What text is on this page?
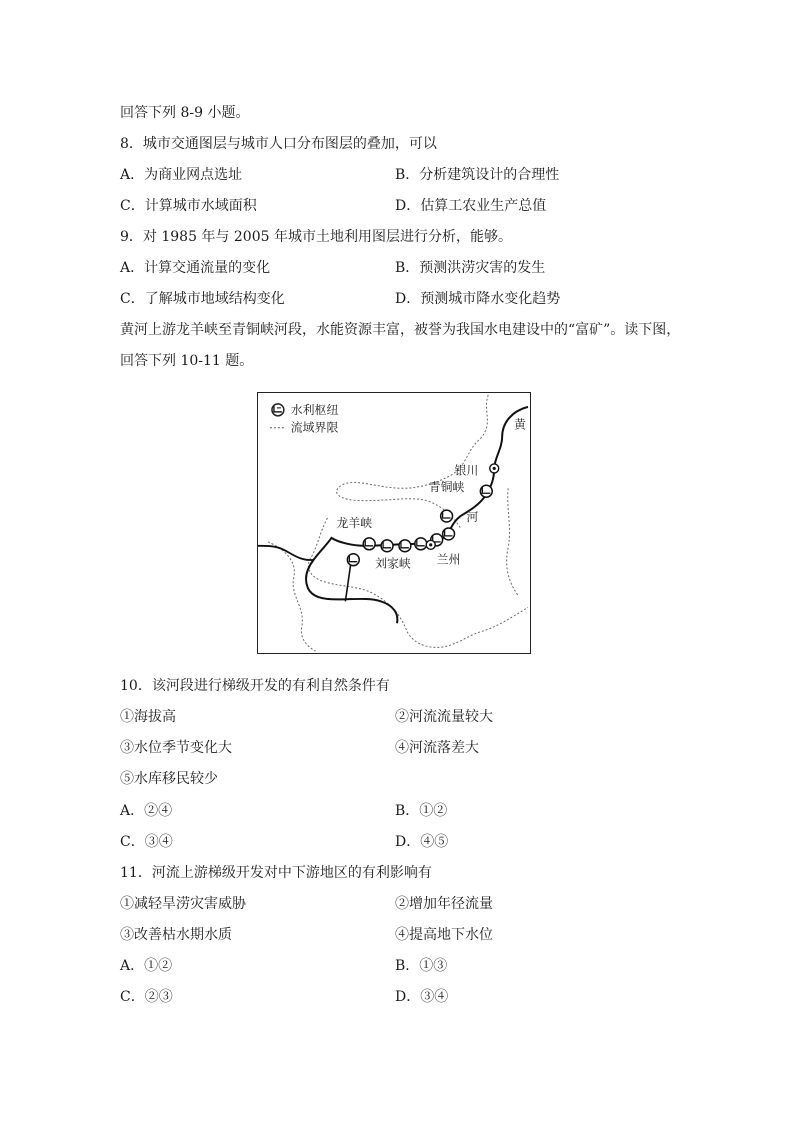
回答下列 8-9 小题。
8．城市交通图层与城市人口分布图层的叠加，可以
A．为商业网点选址	B．分析建筑设计的合理性
C．计算城市水域面积	D．估算工农业生产总值
9．对 1985 年与 2005 年城市土地利用图层进行分析，能够。
A．计算交通流量的变化	B．预测洪涝灾害的发生
C．了解城市地域结构变化	D．预测城市降水变化趋势
黄河上游龙羊峡至青铜峡河段，水能资源丰富，被誉为我国水电建设中的“富矿”。读下图，
回答下列 10-11 题。
水利枢纽
流域界限	黄
银川
青铜峡
河
龙羊峡
刘家峡 兰州
10．该河段进行梯级开发的有利自然条件有
①海拔高	②河流流量较大
③水位季节变化大	④河流落差大
⑤水库移民较少
A．②④	B．①②
C．③④	D．④⑤
11．河流上游梯级开发对中下游地区的有利影响有
①减轻旱涝灾害威胁	②增加年径流量
③改善枯水期水质	④提高地下水位
A．①②	B．①③
C．②③	D．③④
